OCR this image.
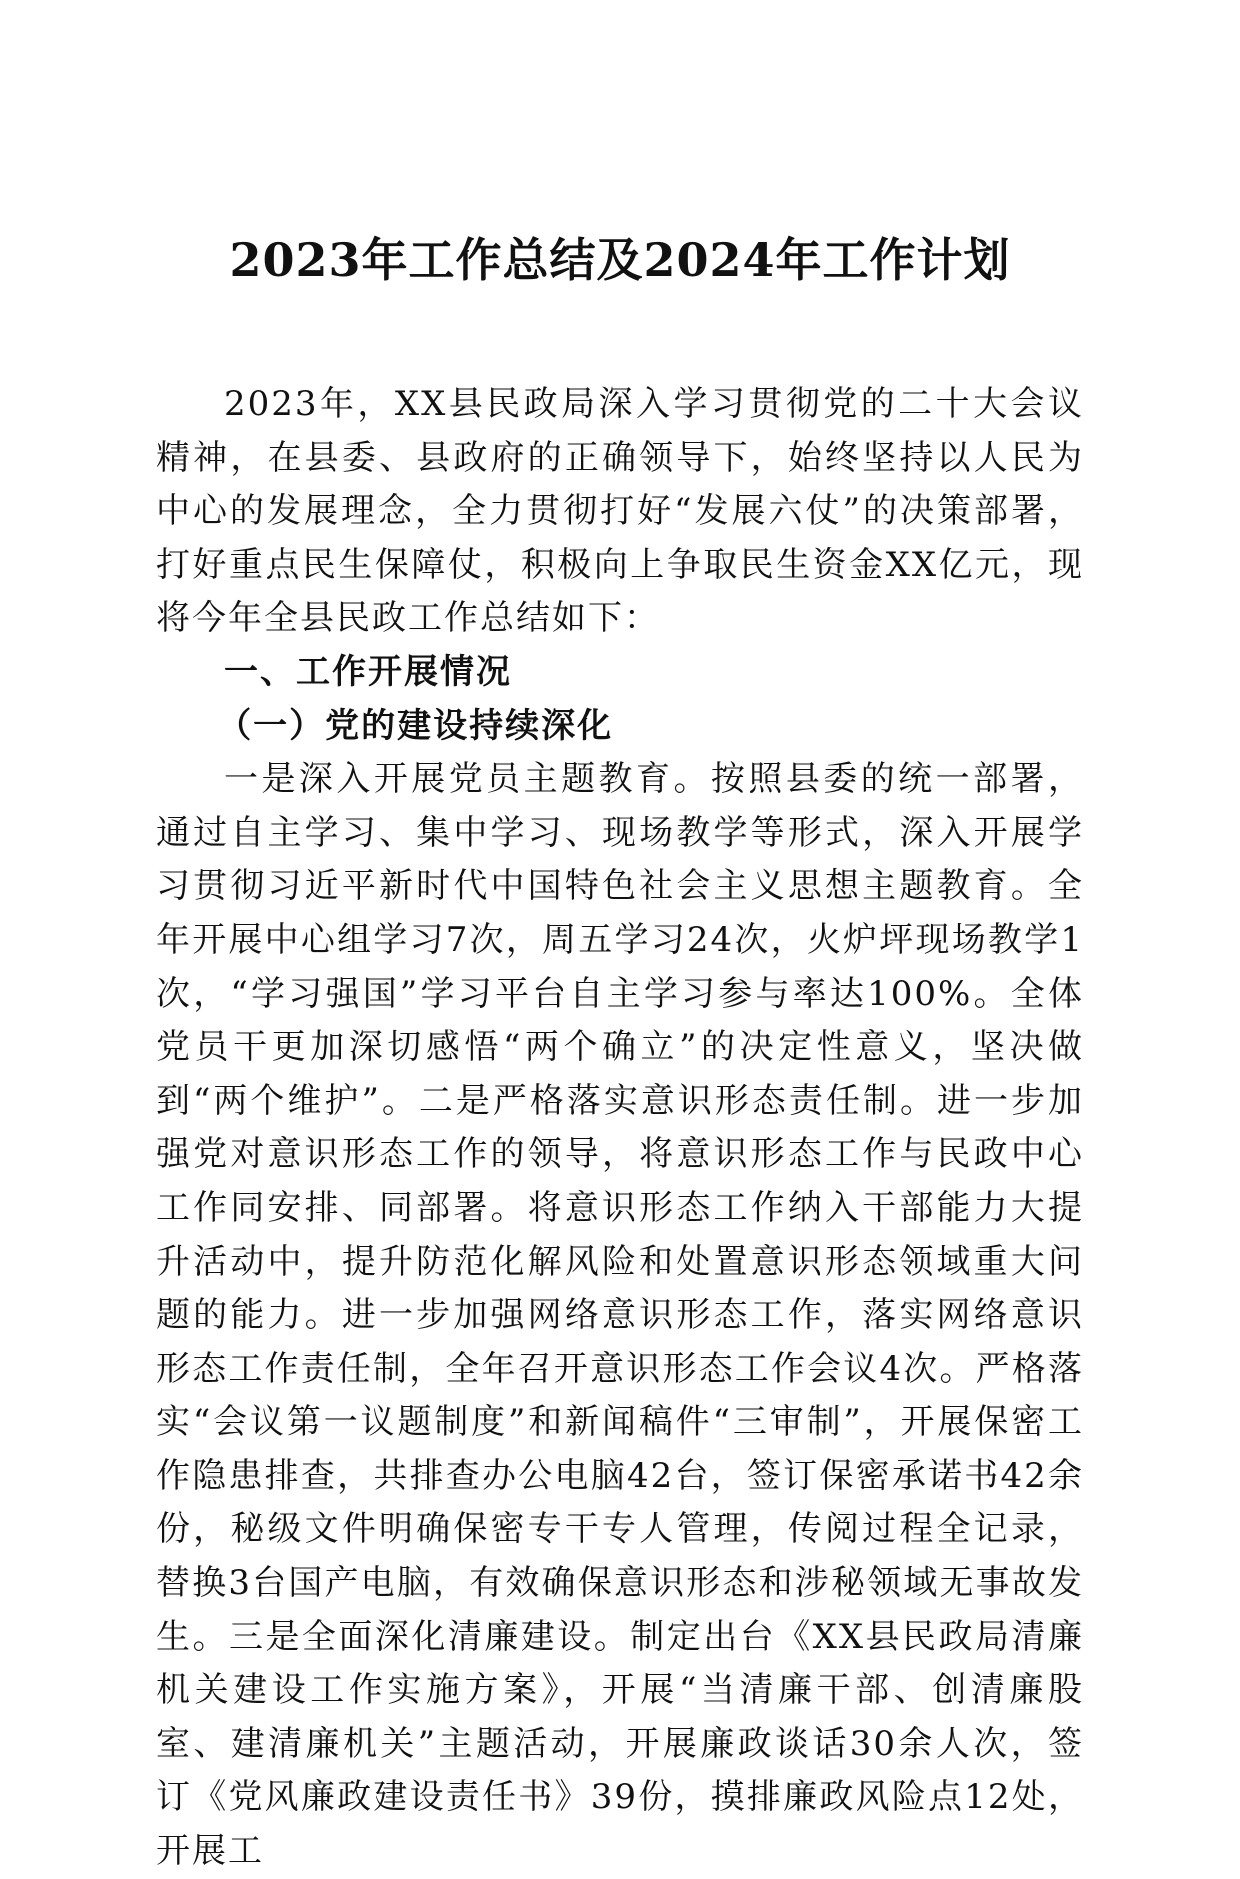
2023年工作总结及2024年工作计划

2023年，XX县民政局深入学习贯彻党的二十大会议精神，在县委、县政府的正确领导下，始终坚持以人民为中心的发展理念，全力贯彻打好“发展六仗”的决策部署，打好重点民生保障仗，积极向上争取民生资金XX亿元，现将今年全县民政工作总结如下：

一、工作开展情况

（一）党的建设持续深化

一是深入开展党员主题教育。按照县委的统一部署，通过自主学习、集中学习、现场教学等形式，深入开展学习贯彻习近平新时代中国特色社会主义思想主题教育。全年开展中心组学习7次，周五学习24次，火炉坪现场教学1次，“学习强国”学习平台自主学习参与率达100%。全体党员干更加深切感悟“两个确立”的决定性意义，坚决做到“两个维护”。二是严格落实意识形态责任制。进一步加强党对意识形态工作的领导，将意识形态工作与民政中心工作同安排、同部署。将意识形态工作纳入干部能力大提升活动中，提升防范化解风险和处置意识形态领域重大问题的能力。进一步加强网络意识形态工作，落实网络意识形态工作责任制，全年召开意识形态工作会议4次。严格落实“会议第一议题制度”和新闻稿件“三审制”，开展保密工作隐患排查，共排查办公电脑42台，签订保密承诺书42余份，秘级文件明确保密专干专人管理，传阅过程全记录，替换3台国产电脑，有效确保意识形态和涉秘领域无事故发生。三是全面深化清廉建设。制定出台《XX县民政局清廉机关建设工作实施方案》，开展“当清廉干部、创清廉股室、建清廉机关”主题活动，开展廉政谈话30余人次，签订《党风廉政建设责任书》39份，摸排廉政风险点12处，开展工
